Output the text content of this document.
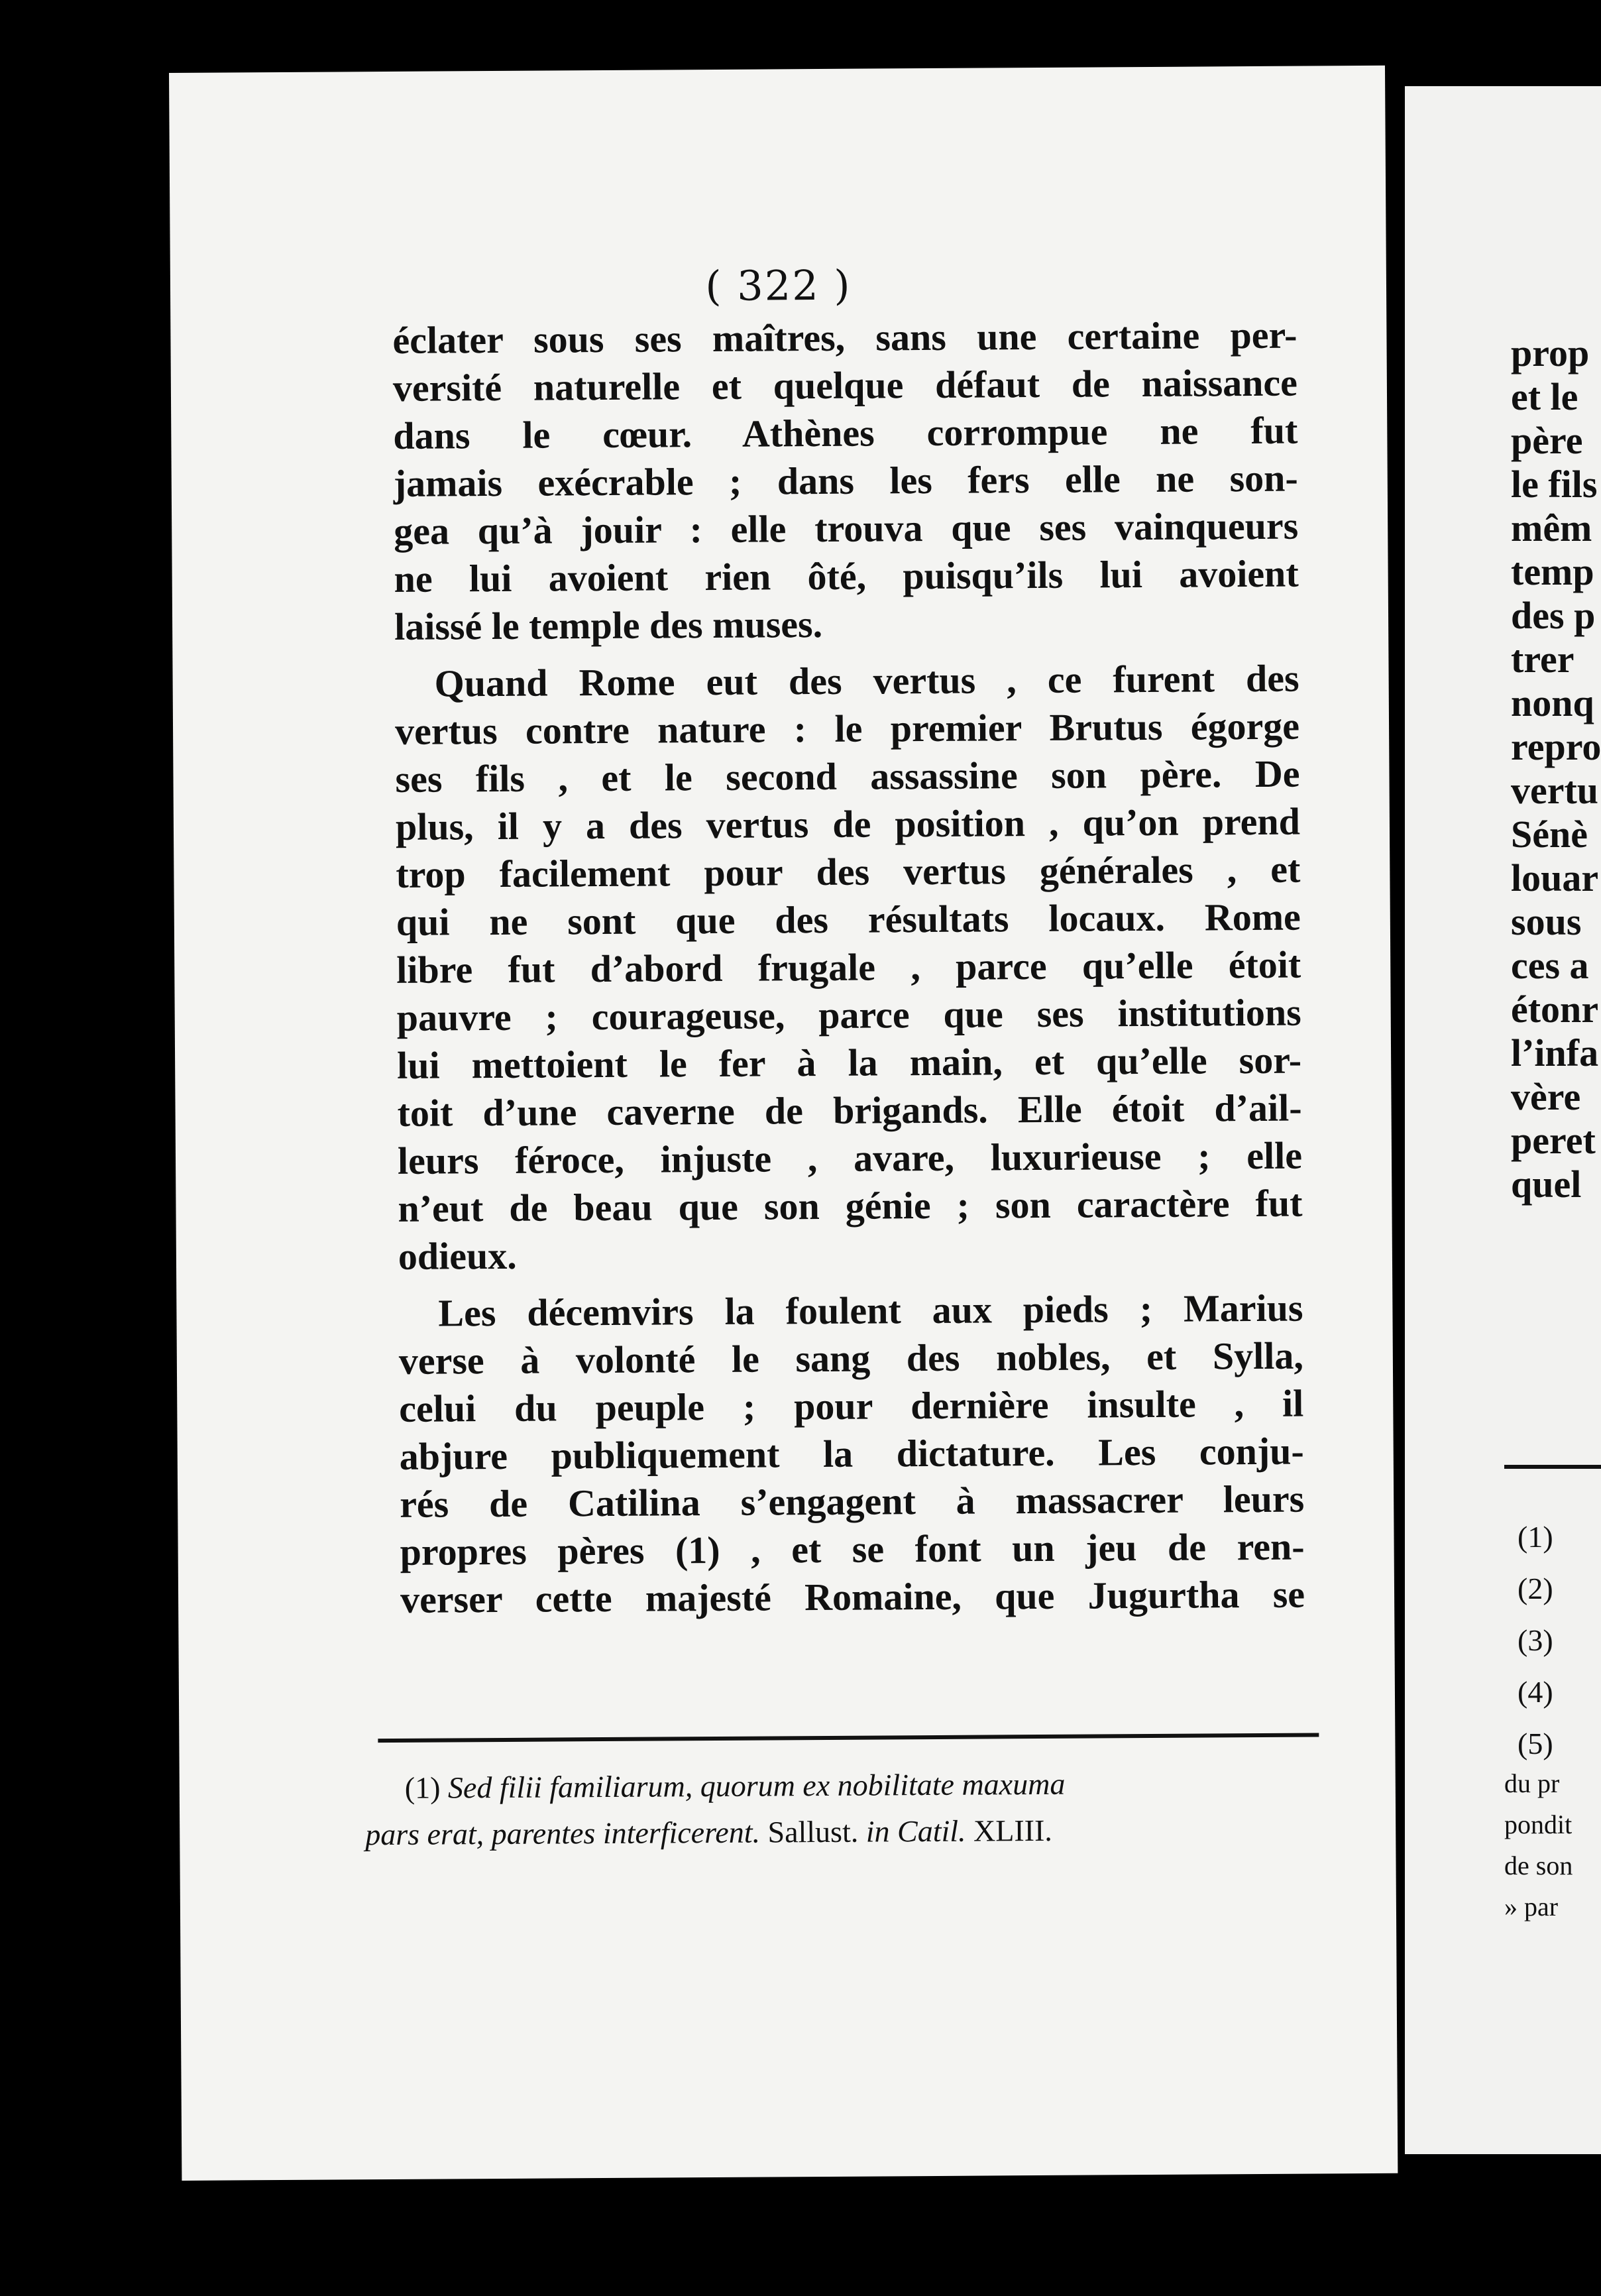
( 322 )
éclater sous ses maîtres, sans une certaine per-
versité naturelle et quelque défaut de naissance
dans le cœur. Athènes corrompue ne fut
jamais exécrable ; dans les fers elle ne son-
gea qu’à jouir : elle trouva que ses vainqueurs
ne lui avoient rien ôté, puisqu’ils lui avoient
laissé le temple des muses.
Quand Rome eut des vertus , ce furent des
vertus contre nature : le premier Brutus égorge
ses fils , et le second assassine son père. De
plus, il y a des vertus de position , qu’on prend
trop facilement pour des vertus générales , et
qui ne sont que des résultats locaux. Rome
libre fut d’abord frugale , parce qu’elle étoit
pauvre ; courageuse, parce que ses institutions
lui mettoient le fer à la main, et qu’elle sor-
toit d’une caverne de brigands. Elle étoit d’ail-
leurs féroce, injuste , avare, luxurieuse ; elle
n’eut de beau que son génie ; son caractère fut
odieux.
Les décemvirs la foulent aux pieds ; Marius
verse à volonté le sang des nobles, et Sylla,
celui du peuple ; pour dernière insulte , il
abjure publiquement la dictature. Les conju-
rés de Catilina s’engagent à massacrer leurs
propres pères (1) , et se font un jeu de ren-
verser cette majesté Romaine, que Jugurtha se
(1) Sed filii familiarum, quorum ex nobilitate maxuma
pars erat, parentes interficerent. Sallust. in Catil. XLIII.
prop
et le
père
le fils
mêm
temp
des p
trer
nonq
repro
vertu
Sénè
louar
sous
ces a
étonr
l’infa
vère
peret
quel
(1)
(2)
(3)
(4)
(5)
du pr
pondit
de son
» par
